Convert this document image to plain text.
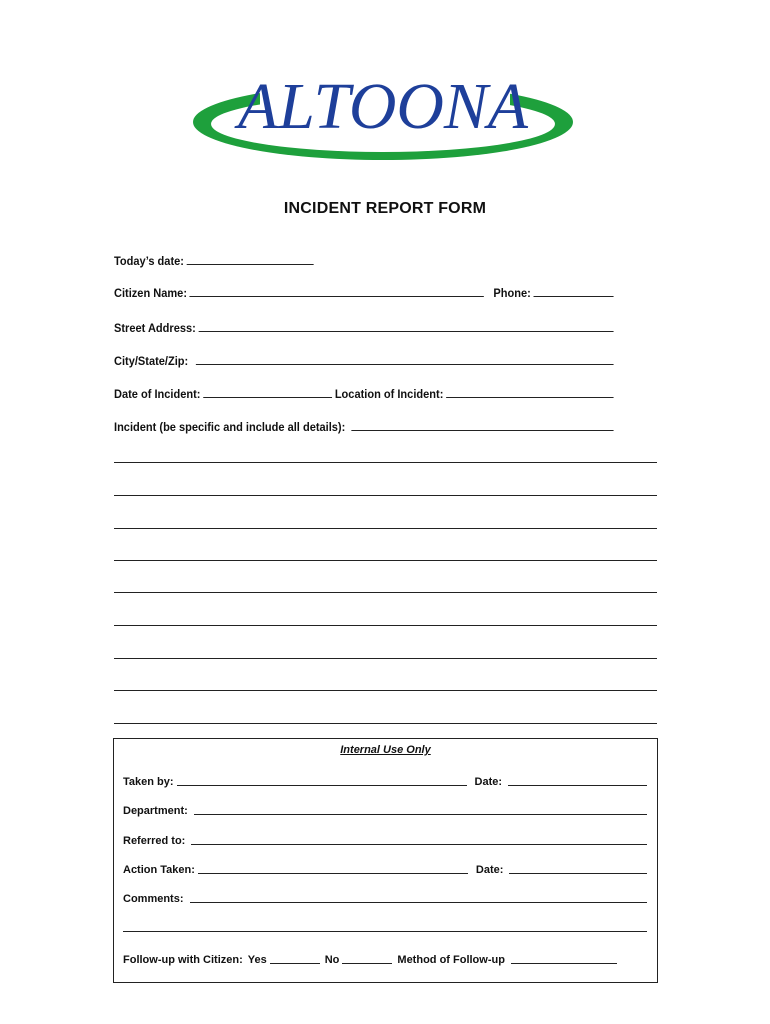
ALTOONA
INCIDENT REPORT FORM
Today’s date:
Citizen Name:	Phone:
Street Address:
City/State/Zip:
Date of Incident:	Location of Incident:
Incident (be specific and include all details):
Internal Use Only
Taken by:	Date:
Department:
Referred to:
Action Taken:	Date:
Comments:
Follow-up with Citizen: Yes	No	Method of Follow-up
